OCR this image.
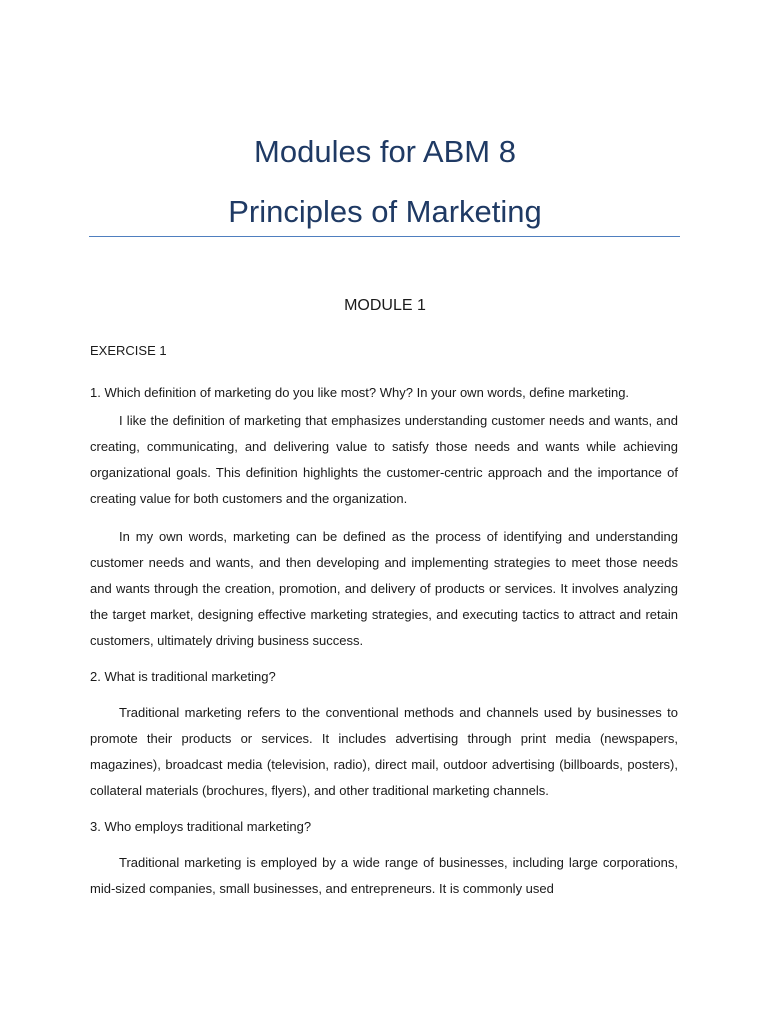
Modules for ABM 8
Principles of Marketing
MODULE 1
EXERCISE 1

1. Which definition of marketing do you like most? Why? In your own words, define marketing.

I like the definition of marketing that emphasizes understanding customer needs and wants, and creating, communicating, and delivering value to satisfy those needs and wants while achieving organizational goals. This definition highlights the customer-centric approach and the importance of creating value for both customers and the organization.

In my own words, marketing can be defined as the process of identifying and understanding customer needs and wants, and then developing and implementing strategies to meet those needs and wants through the creation, promotion, and delivery of products or services. It involves analyzing the target market, designing effective marketing strategies, and executing tactics to attract and retain customers, ultimately driving business success.

2. What is traditional marketing?

Traditional marketing refers to the conventional methods and channels used by businesses to promote their products or services. It includes advertising through print media (newspapers, magazines), broadcast media (television, radio), direct mail, outdoor advertising (billboards, posters), collateral materials (brochures, flyers), and other traditional marketing channels.

3. Who employs traditional marketing?

Traditional marketing is employed by a wide range of businesses, including large corporations, mid-sized companies, small businesses, and entrepreneurs. It is commonly used
